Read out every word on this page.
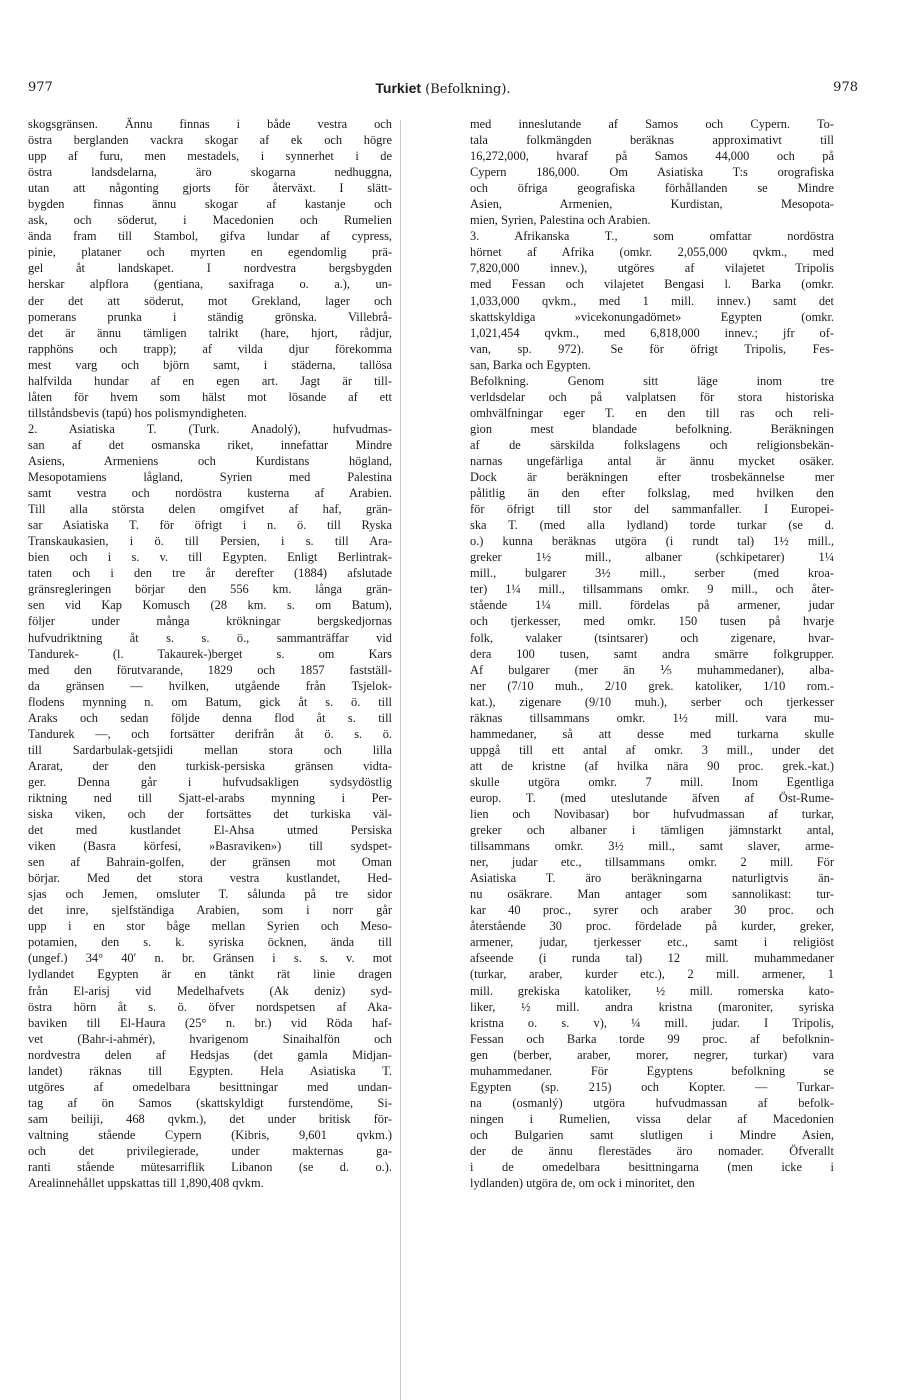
977	Turkiet (Befolkning).	978
skogsgränsen. Ännu finnas i både vestra och
östra berglanden vackra skogar af ek och högre
upp af furu, men mestadels, i synnerhet i de
östra landsdelarna, äro skogarna nedhuggna,
utan att någonting gjorts för återväxt. I slätt-
bygden finnas ännu skogar af kastanje och
ask, och söderut, i Macedonien och Rumelien
ända fram till Stambol, gifva lundar af cypress,
pinie, plataner och myrten en egendomlig prä-
gel åt landskapet. I nordvestra bergsbygden
herskar alpflora (gentiana, saxifraga o. a.), un-
der det att söderut, mot Grekland, lager och
pomerans prunka i ständig grönska. Villebrå-
det är ännu tämligen talrikt (hare, hjort, rådjur,
rapphöns och trapp); af vilda djur förekomma
mest varg och björn samt, i städerna, tallösa
halfvilda hundar af en egen art. Jagt är till-
låten för hvem som hälst mot lösande af ett
tillståndsbevis (tapú) hos polismyndigheten.
2. Asiatiska T. (Turk. Anadolý), hufvudmas-
san af det osmanska riket, innefattar Mindre
Asiens, Armeniens och Kurdistans högland,
Mesopotamiens lågland, Syrien med Palestina
samt vestra och nordöstra kusterna af Arabien.
Till alla största delen omgifvet af haf, grän-
sar Asiatiska T. för öfrigt i n. ö. till Ryska
Transkaukasien, i ö. till Persien, i s. till Ara-
bien och i s. v. till Egypten. Enligt Berlintrak-
taten och i den tre år derefter (1884) afslutade
gränsregleringen börjar den 556 km. långa grän-
sen vid Kap Komusch (28 km. s. om Batum),
följer under många krökningar bergskedjornas
hufvudriktning åt s. s. ö., sammanträffar vid
Tandurek- (l. Takaurek-)berget s. om Kars
med den förutvarande, 1829 och 1857 fastställ-
da gränsen — hvilken, utgående från Tsjelok-
flodens mynning n. om Batum, gick åt s. ö. till
Araks och sedan följde denna flod åt s. till
Tandurek —, och fortsätter derifrån åt ö. s. ö.
till Sardarbulak-getsjidi mellan stora och lilla
Ararat, der den turkisk-persiska gränsen vidta-
ger. Denna går i hufvudsakligen sydsydöstlig
riktning ned till Sjatt-el-arabs mynning i Per-
siska viken, och der fortsättes det turkiska väl-
det med kustlandet El-Ahsa utmed Persiska
viken (Basra körfesi, »Basraviken») till sydspet-
sen af Bahrain-golfen, der gränsen mot Oman
börjar. Med det stora vestra kustlandet, Hed-
sjas och Jemen, omsluter T. sålunda på tre sidor
det inre, sjelfständiga Arabien, som i norr går
upp i en stor båge mellan Syrien och Meso-
potamien, den s. k. syriska öcknen, ända till
(ungef.) 34° 40′ n. br. Gränsen i s. s. v. mot
lydlandet Egypten är en tänkt rät linie dragen
från El-arisj vid Medelhafvets (Ak deniz) syd-
östra hörn åt s. ö. öfver nordspetsen af Aka-
baviken till El-Haura (25° n. br.) vid Röda haf-
vet (Bahr-i-ahmér), hvarigenom Sinaihalfön och
nordvestra delen af Hedsjas (det gamla Midjan-
landet) räknas till Egypten. Hela Asiatiska T.
utgöres af omedelbara besittningar med undan-
tag af ön Samos (skattskyldigt furstendöme, Si-
sam beiliji, 468 qvkm.), det under britisk för-
valtning stående Cypern (Kibris, 9,601 qvkm.)
och det privilegierade, under makternas ga-
ranti stående mütesarriflik Libanon (se d. o.).
Arealinnehållet uppskattas till 1,890,408 qvkm.
med inneslutande af Samos och Cypern. To-
tala folkmängden beräknas approximativt till
16,272,000, hvaraf på Samos 44,000 och på
Cypern 186,000. Om Asiatiska T:s orografiska
och öfriga geografiska förhållanden se Mindre
Asien, Armenien, Kurdistan, Mesopota-
mien, Syrien, Palestina och Arabien.
3. Afrikanska T., som omfattar nordöstra
hörnet af Afrika (omkr. 2,055,000 qvkm., med
7,820,000 innev.), utgöres af vilajetet Tripolis
med Fessan och vilajetet Bengasi l. Barka (omkr.
1,033,000 qvkm., med 1 mill. innev.) samt det
skattskyldiga »vicekonungadömet» Egypten (omkr.
1,021,454 qvkm., med 6,818,000 innev.; jfr of-
van, sp. 972). Se för öfrigt Tripolis, Fes-
san, Barka och Egypten.
Befolkning. Genom sitt läge inom tre
verldsdelar och på valplatsen för stora historiska
omhvälfningar eger T. en den till ras och reli-
gion mest blandade befolkning. Beräkningen
af de särskilda folkslagens och religionsbekän-
narnas ungefärliga antal är ännu mycket osäker.
Dock är beräkningen efter trosbekännelse mer
pålitlig än den efter folkslag, med hvilken den
för öfrigt till stor del sammanfaller. I Europei-
ska T. (med alla lydland) torde turkar (se d.
o.) kunna beräknas utgöra (i rundt tal) 1½ mill.,
greker 1½ mill., albaner (schkipetarer) 1¼
mill., bulgarer 3½ mill., serber (med kroa-
ter) 1¼ mill., tillsammans omkr. 9 mill., och åter-
stående 1¼ mill. fördelas på armener, judar
och tjerkesser, med omkr. 150 tusen på hvarje
folk, valaker (tsintsarer) och zigenare, hvar-
dera 100 tusen, samt andra smärre folkgrupper.
Af bulgarer (mer än ⅕ muhammedaner), alba-
ner (7/10 muh., 2/10 grek. katoliker, 1/10 rom.-
kat.), zigenare (9/10 muh.), serber och tjerkesser
räknas tillsammans omkr. 1½ mill. vara mu-
hammedaner, så att desse med turkarna skulle
uppgå till ett antal af omkr. 3 mill., under det
att de kristne (af hvilka nära 90 proc. grek.-kat.)
skulle utgöra omkr. 7 mill. Inom Egentliga
europ. T. (med uteslutande äfven af Öst-Rume-
lien och Novibasar) bor hufvudmassan af turkar,
greker och albaner i tämligen jämnstarkt antal,
tillsammans omkr. 3½ mill., samt slaver, arme-
ner, judar etc., tillsammans omkr. 2 mill. För
Asiatiska T. äro beräkningarna naturligtvis än-
nu osäkrare. Man antager som sannolikast: tur-
kar 40 proc., syrer och araber 30 proc. och
återstående 30 proc. fördelade på kurder, greker,
armener, judar, tjerkesser etc., samt i religiöst
afseende (i runda tal) 12 mill. muhammedaner
(turkar, araber, kurder etc.), 2 mill. armener, 1
mill. grekiska katoliker, ½ mill. romerska kato-
liker, ½ mill. andra kristna (maroniter, syriska
kristna o. s. v), ¼ mill. judar. I Tripolis,
Fessan och Barka torde 99 proc. af befolknin-
gen (berber, araber, morer, negrer, turkar) vara
muhammedaner. För Egyptens befolkning se
Egypten (sp. 215) och Kopter. — Turkar-
na (osmanlý) utgöra hufvudmassan af befolk-
ningen i Rumelien, vissa delar af Macedonien
och Bulgarien samt slutligen i Mindre Asien,
der de ännu flerestädes äro nomader. Öfverallt
i de omedelbara besittningarna (men icke i
lydlanden) utgöra de, om ock i minoritet, den
